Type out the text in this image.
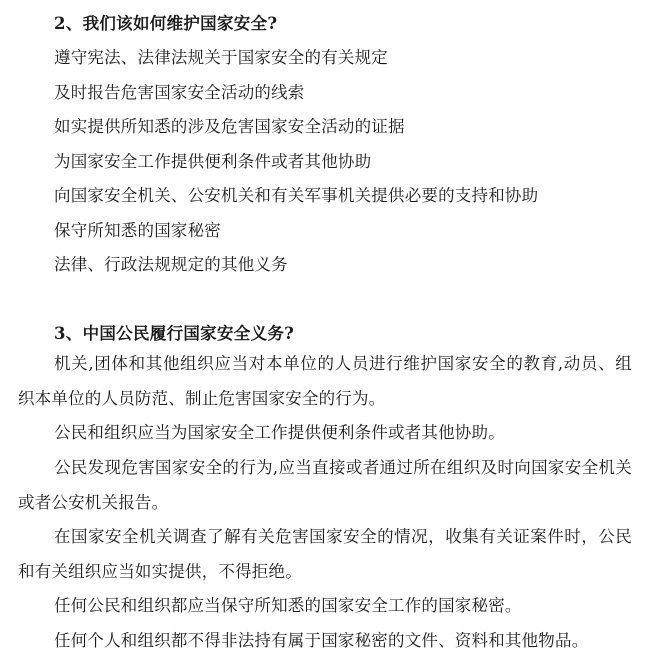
2、我们该如何维护国家安全?
遵守宪法、法律法规关于国家安全的有关规定
及时报告危害国家安全活动的线索
如实提供所知悉的涉及危害国家安全活动的证据
为国家安全工作提供便利条件或者其他协助
向国家安全机关、公安机关和有关军事机关提供必要的支持和协助
保守所知悉的国家秘密
法律、行政法规规定的其他义务
3、中国公民履行国家安全义务?
机关,团体和其他组织应当对本单位的人员进行维护国家安全的教育,动员、组织本单位的人员防范、制止危害国家安全的行为。
公民和组织应当为国家安全工作提供便利条件或者其他协助。
公民发现危害国家安全的行为,应当直接或者通过所在组织及时向国家安全机关或者公安机关报告。
在国家安全机关调查了解有关危害国家安全的情况，收集有关证案件时，公民和有关组织应当如实提供，不得拒绝。
任何公民和组织都应当保守所知悉的国家安全工作的国家秘密。
任何个人和组织都不得非法持有属于国家秘密的文件、资料和其他物品。
